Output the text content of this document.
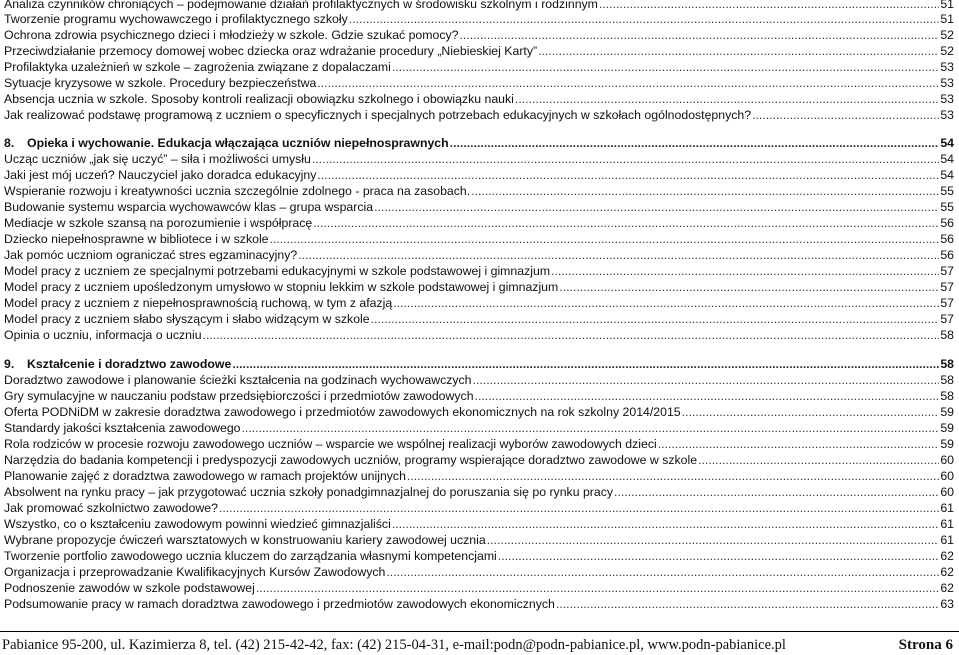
Analiza czynników chroniących – podejmowanie działań profilaktycznych w środowisku szkolnym i rodzinnym .....	51
Tworzenie programu wychowawczego i profilaktycznego szkoły .....	51
Ochrona zdrowia psychicznego dzieci i młodzieży w szkole. Gdzie szukać pomocy? .....	52
Przeciwdziałanie przemocy domowej wobec dziecka oraz wdrażanie procedury „Niebieskiej Karty” .....	52
Profilaktyka uzależnień w szkole – zagrożenia związane z dopalaczami .....	53
Sytuacje kryzysowe w szkole. Procedury bezpieczeństwa .....	53
Absencja ucznia w szkole. Sposoby kontroli realizacji obowiązku szkolnego i obowiązku nauki .....	53
Jak realizować podstawę programową z uczniem o specyficznych i specjalnych potrzebach edukacyjnych w szkołach ogólnodostępnych? .....	53
8. Opieka i wychowanie. Edukacja włączająca uczniów niepełnosprawnych .....	54
Ucząc uczniów „jak się uczyć” – siła i możliwości umysłu .....	54
Jaki jest mój uczeń? Nauczyciel jako doradca edukacyjny .....	54
Wspieranie rozwoju i kreatywności ucznia szczególnie zdolnego - praca na zasobach. .....	55
Budowanie systemu wsparcia wychowawców klas – grupa wsparcia .....	55
Mediacje w szkole szansą na porozumienie i współpracę .....	56
Dziecko niepełnosprawne w bibliotece i w szkole .....	56
Jak pomóc uczniom ograniczać stres egzaminacyjny? .....	56
Model pracy z uczniem ze specjalnymi potrzebami edukacyjnymi w szkole podstawowej i gimnazjum .....	57
Model pracy z uczniem upośledzonym umysłowo w stopniu lekkim w szkole podstawowej i gimnazjum .....	57
Model pracy z uczniem z niepełnosprawnością ruchową, w tym z afazją .....	57
Model pracy z uczniem słabo słyszącym i słabo widzącym w szkole .....	57
Opinia o uczniu, informacja o uczniu .....	58
9. Kształcenie i doradztwo zawodowe .....	58
Doradztwo zawodowe i planowanie ścieżki kształcenia na godzinach wychowawczych .....	58
Gry symulacyjne w nauczaniu podstaw przedsiębiorczości i przedmiotów zawodowych .....	58
Oferta PODNiDM w zakresie doradztwa zawodowego i przedmiotów zawodowych ekonomicznych na rok szkolny 2014/2015 .....	59
Standardy jakości kształcenia zawodowego .....	59
Rola rodziców w procesie rozwoju zawodowego uczniów – wsparcie we wspólnej realizacji wyborów zawodowych dzieci .....	59
Narzędzia do badania kompetencji i predyspozycji zawodowych uczniów, programy wspierające doradztwo zawodowe w szkole .....	60
Planowanie zajęć z doradztwa zawodowego w ramach projektów unijnych .....	60
Absolwent na rynku pracy – jak przygotować ucznia szkoły ponadgimnazjalnej do poruszania się po rynku pracy .....	60
Jak promować szkolnictwo zawodowe? .....	61
Wszystko, co o kształceniu zawodowym powinni wiedzieć gimnazjaliści .....	61
Wybrane propozycje ćwiczeń warsztatowych w konstruowaniu kariery zawodowej ucznia .....	61
Tworzenie portfolio zawodowego ucznia kluczem do zarządzania własnymi kompetencjami .....	62
Organizacja i przeprowadzanie Kwalifikacyjnych Kursów Zawodowych .....	62
Podnoszenie zawodów w szkole podstawowej .....	62
Podsumowanie pracy w ramach doradztwa zawodowego i przedmiotów zawodowych ekonomicznych .....	63
Pabianice 95-200, ul. Kazimierza 8, tel. (42) 215-42-42, fax: (42) 215-04-31, e-mail:podn@podn-pabianice.pl, www.podn-pabianice.pl	Strona 6
